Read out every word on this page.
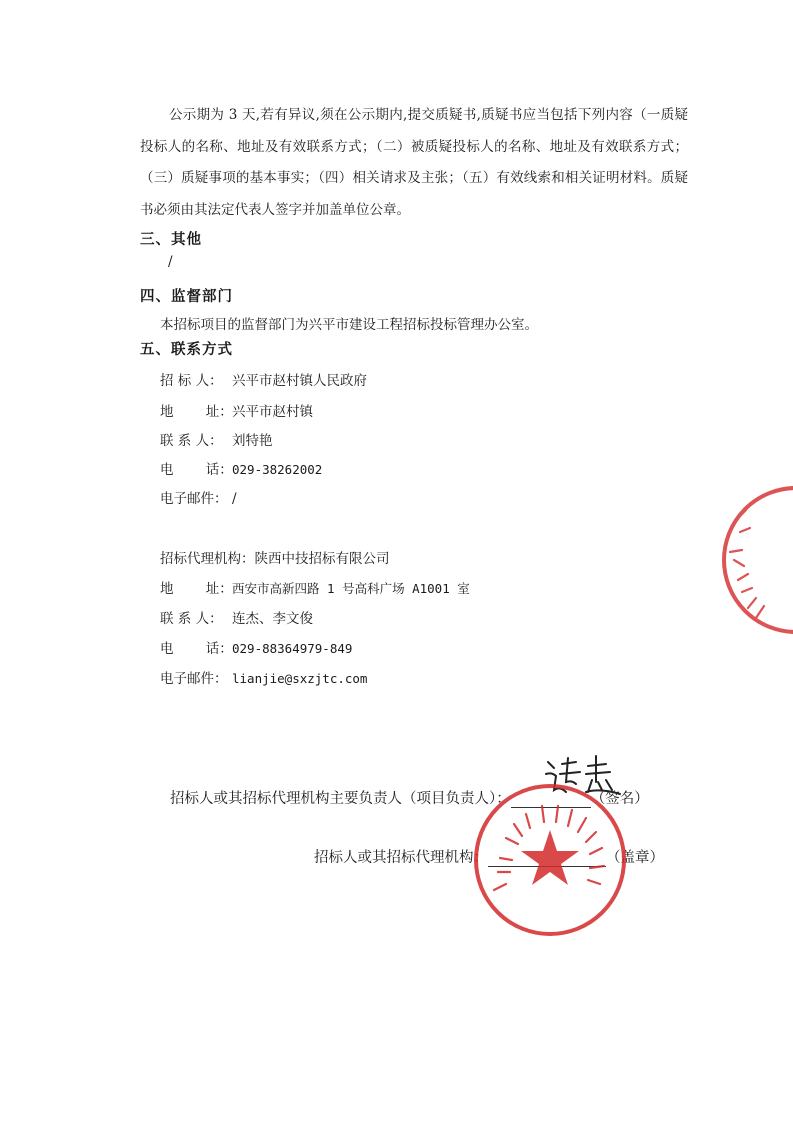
公示期为 3 天,若有异议,须在公示期内,提交质疑书,质疑书应当包括下列内容（一质疑投标人的名称、地址及有效联系方式；（二）被质疑投标人的名称、地址及有效联系方式；（三）质疑事项的基本事实；（四）相关请求及主张；（五）有效线索和相关证明材料。质疑书必须由其法定代表人签字并加盖单位公章。

三、其他
/
四、监督部门
本招标项目的监督部门为兴平市建设工程招标投标管理办公室。
五、联系方式
招 标 人： 兴平市赵村镇人民政府
地 址：兴平市赵村镇
联 系 人： 刘特艳
电 话：029-38262002
电子邮件： /
招标代理机构：陕西中技招标有限公司
地 址：西安市高新四路 1 号高科广场 A1001 室
联 系 人： 连杰、李文俊
电 话：029-88364979-849
电子邮件： lianjie@sxzjtc.com
招标人或其招标代理机构主要负责人（项目负责人）：	（签名）
招标人或其招标代理机构：	（盖章）
